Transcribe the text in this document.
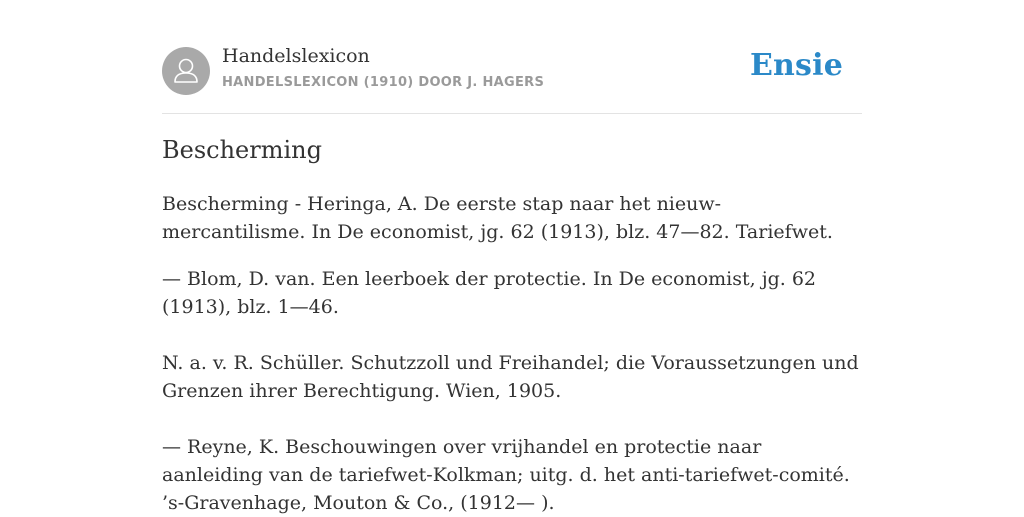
Handelslexicon
HANDELSLEXICON (1910) DOOR J. HAGERS	Ensie
Bescherming

Bescherming - Heringa, A. De eerste stap naar het nieuw-mercantilisme. In De economist, jg. 62 (1913), blz. 47—82. Tariefwet.

— Blom, D. van. Een leerboek der protectie. In De economist, jg. 62 (1913), blz. 1—46.

N. a. v. R. Schüller. Schutzzoll und Freihandel; die Voraussetzungen und Grenzen ihrer Berechtigung. Wien, 1905.

— Reyne, K. Beschouwingen over vrijhandel en protectie naar aanleiding van de tariefwet-Kolkman; uitg. d. het anti-tariefwet-comité. ’s-Gravenhage, Mouton & Co., (1912— ).
